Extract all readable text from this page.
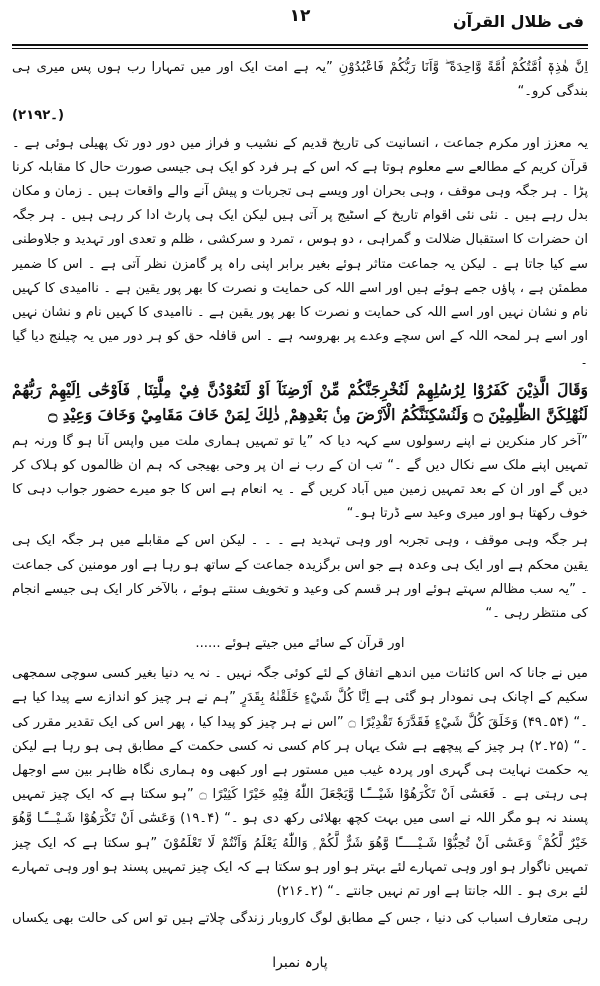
۱۲	فی ظلال القرآن

اِنَّ هٰذِهٖٓ اُمَّتُكُمْ اُمَّةً وَّاحِدَةً ۖ وَّاَنَا رَبُّكُمْ فَاعْبُدُوْنِ ”یہ ہے امت ایک اور میں تمہارا رب ہوں پس میری ہی بندگی کرو۔“
(۲۱۔۹۲)

یہ معزز اور مکرم جماعت ، انسانیت کی تاریخ قدیم کے نشیب و فراز میں دور دور تک پھیلی ہوئی ہے ۔ قرآن کریم کے مطالعے سے معلوم ہوتا ہے کہ اس کے ہر فرد کو ایک ہی جیسی صورت حال کا مقابلہ کرنا پڑا ۔ ہر جگہ وہی موقف ، وہی بحران اور ویسے ہی تجربات و پیش آنے والے واقعات ہیں ۔ زمان و مکان بدل رہے ہیں ۔ نئی نئی اقوام تاریخ کے اسٹیج پر آتی ہیں لیکن ایک ہی پارٹ ادا کر رہی ہیں ۔ ہر جگہ ان حضرات کا استقبال ضلالت و گمراہی ، دو ہوس ، تمرد و سرکشی ، ظلم و تعدی اور تہدید و جلاوطنی سے کیا جاتا ہے ۔ لیکن یہ جماعت متاثر ہوئے بغیر برابر اپنی راہ پر گامزن نظر آتی ہے ۔ اس کا ضمیر مطمئن ہے ، پاؤں جمے ہوئے ہیں اور اسے اللہ کی حمایت و نصرت کا بھر پور یقین ہے ۔ ناامیدی کا کہیں نام و نشان نہیں اور اسے اللہ کی حمایت و نصرت کا بھر پور یقین ہے ۔ ناامیدی کا کہیں نام و نشان نہیں اور اسے ہر لمحہ اللہ کے اس سچے وعدے پر بھروسہ ہے ۔ اس قافلہ حق کو ہر دور میں یہ چیلنج دیا گیا ۔

وَقَالَ الَّذِيْنَ كَفَرُوْا لِرُسُلِهِمْ لَنُخْرِجَنَّكُمْ مِّنْ اَرْضِنَآ اَوْ لَتَعُوْدُنَّ فِيْ مِلَّتِنَا ۭ فَاَوْحٰٓى اِلَيْهِمْ رَبُّهُمْ لَنُهْلِكَنَّ الظّٰلِمِيْنَ ۝ وَلَنُسْكِنَنَّكُمُ الْاَرْضَ مِنْۢ بَعْدِهِمْ ۭ ذٰلِكَ لِمَنْ خَافَ مَقَامِيْ وَخَافَ وَعِيْدِ ۝

”آخر کار منکرین نے اپنے رسولوں سے کہہ دیا کہ ”یا تو تمہیں ہماری ملت میں واپس آنا ہو گا ورنہ ہم تمہیں اپنے ملک سے نکال دیں گے ۔“ تب ان کے رب نے ان پر وحی بھیجی کہ ہم ان ظالموں کو ہلاک کر دیں گے اور ان کے بعد تمہیں زمین میں آباد کریں گے ۔ یہ انعام ہے اس کا جو میرے حضور جواب دہی کا خوف رکھتا ہو اور میری وعید سے ڈرتا ہو۔“

ہر جگہ وہی موقف ، وہی تجربہ اور وہی تہدید ہے ۔ ۔ ۔ لیکن اس کے مقابلے میں ہر جگہ ایک ہی یقین محکم ہے اور ایک ہی وعدہ ہے جو اس برگزیدہ جماعت کے ساتھ ہو رہا ہے اور مومنین کی جماعت ۔ ”یہ سب مظالم سہتے ہوئے اور ہر قسم کی وعید و تخویف سنتے ہوئے ، بالآخر کار ایک ہی جیسے انجام کی منتظر رہی ۔“

اور قرآن کے سائے میں جیتے ہوئے ......

میں نے جانا کہ اس کائنات میں اندھے اتفاق کے لئے کوئی جگہ نہیں ۔ نہ یہ دنیا بغیر کسی سوچی سمجھی سکیم کے اچانک ہی نمودار ہو گئی ہے اِنَّا كُلَّ شَيْءٍ خَلَقْنٰهُ بِقَدَرٍ ”ہم نے ہر چیز کو اندازے سے پیدا کیا ہے ۔“ (۵۴۔۴۹) وَخَلَقَ كُلَّ شَيْءٍ فَقَدَّرَهٗ تَقْدِيْرًا ۝ ”اس نے ہر چیز کو پیدا کیا ، پھر اس کی ایک تقدیر مقرر کی ۔“ (۲۵۔۲) ہر چیز کے پیچھے ہے شک یہاں ہر کام کسی نہ کسی حکمت کے مطابق ہی ہو رہا ہے لیکن یہ حکمت نہایت ہی گہری اور پردہ غیب میں مستور ہے اور کبھی وہ ہماری نگاہ ظاہر بین سے اوجھل ہی رہتی ہے ۔ فَعَسٰٓى اَنْ تَكْرَهُوْا شَيْـــًٔـا وَّيَجْعَلَ اللّٰهُ فِيْهِ خَيْرًا كَثِيْرًا ۝ ”ہو سکتا ہے کہ ایک چیز تمہیں پسند نہ ہو مگر اللہ نے اسی میں بہت کچھ بھلائی رکھ دی ہو ۔“ (۴۔۱۹) وَعَسٰٓى اَنْ تَكْرَهُوْا شَـيْـــًٔـا وَّھُوَ خَيْرٌ لَّكُمْ ۚ وَعَسٰٓى اَنْ تُحِبُّوْا شَـيْـــــًٔا وَّھُوَ شَرٌّ لَّكُمْ ۭ وَاللّٰهُ يَعْلَمُ وَاَنْتُمْ لَا تَعْلَمُوْنَ ”ہو سکتا ہے کہ ایک چیز تمہیں ناگوار ہو اور وہی تمہارے لئے بہتر ہو اور ہو سکتا ہے کہ ایک چیز تمہیں پسند ہو اور وہی تمہارے لئے بری ہو ۔ اللہ جانتا ہے اور تم نہیں جانتے ۔“ (۲۔۲۱۶)

رہی متعارف اسباب کی دنیا ، جس کے مطابق لوگ کاروبار زندگی چلاتے ہیں تو اس کی حالت بھی یکساں

پارہ نمبرا
